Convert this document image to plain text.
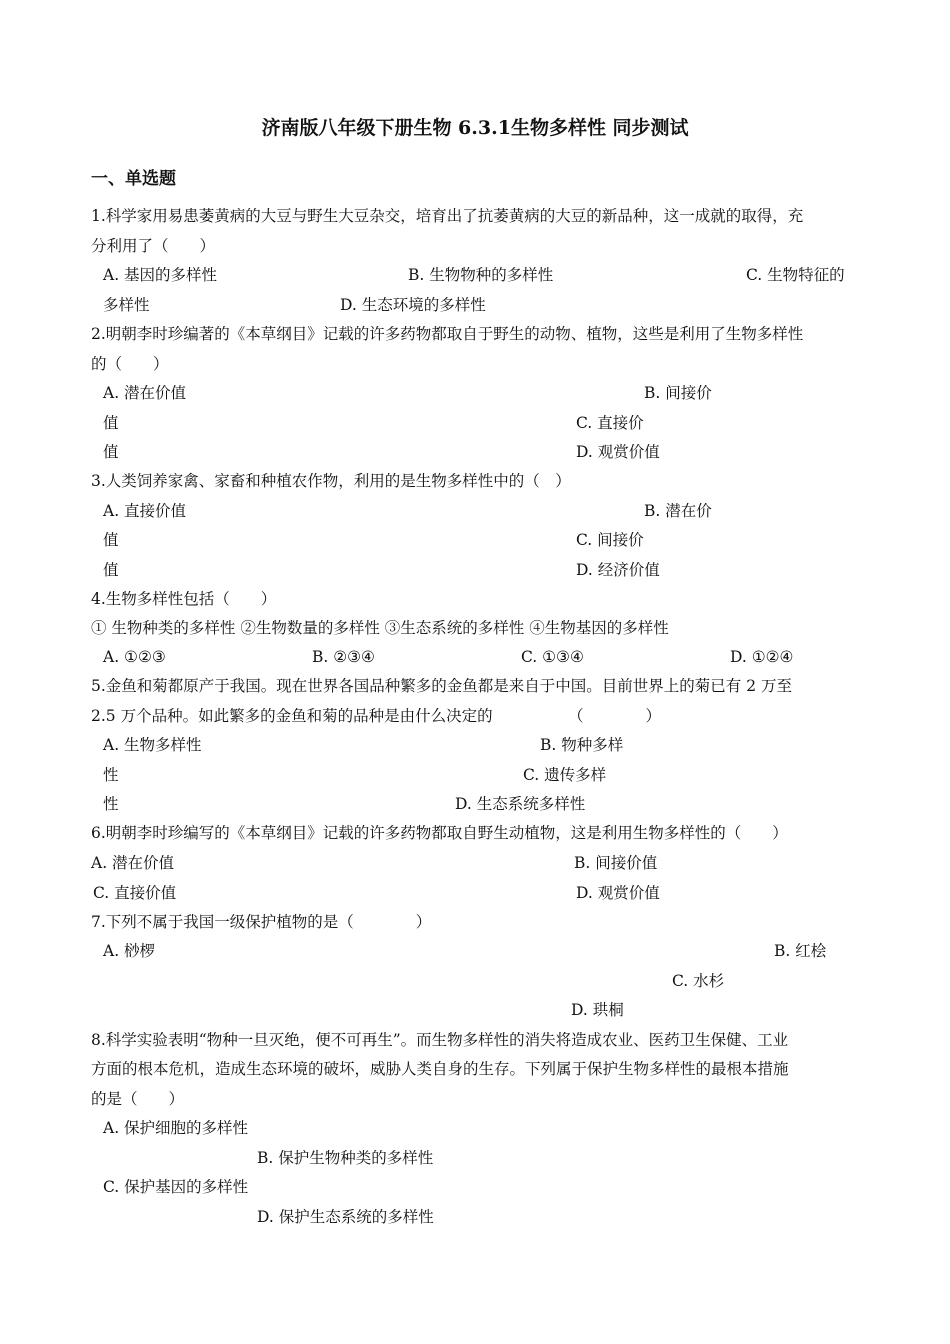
济南版八年级下册生物 6.3.1生物多样性 同步测试
一、单选题
1.科学家用易患萎黄病的大豆与野生大豆杂交，培育出了抗萎黄病的大豆的新品种，这一成就的取得，充
分利用了（　　）
A. 基因的多样性	B. 生物物种的多样性	C. 生物特征的
多样性	D. 生态环境的多样性
2.明朝李时珍编著的《本草纲目》记载的许多药物都取自于野生的动物、植物，这些是利用了生物多样性
的（　　）
A. 潜在价值	B. 间接价
值	C. 直接价
值	D. 观赏价值
3.人类饲养家禽、家畜和种植农作物，利用的是生物多样性中的（　）
A. 直接价值	B. 潜在价
值	C. 间接价
值	D. 经济价值
4.生物多样性包括（　　）
① 生物种类的多样性 ②生物数量的多样性 ③生态系统的多样性 ④生物基因的多样性
A. ①②③	B. ②③④	C. ①③④	D. ①②④
5.金鱼和菊都原产于我国。现在世界各国品种繁多的金鱼都是来自于中国。目前世界上的菊已有 2 万至
2.5 万个品种。如此繁多的金鱼和菊的品种是由什么决定的	（　　　　）
A. 生物多样性	B. 物种多样
性	C. 遗传多样
性	D. 生态系统多样性
6.明朝李时珍编写的《本草纲目》记载的许多药物都取自野生动植物，这是利用生物多样性的（　　）
A. 潜在价值	B. 间接价值
C. 直接价值	D. 观赏价值
7.下列不属于我国一级保护植物的是（　　　　）
A. 桫椤	B. 红桧
C. 水杉
D. 珙桐
8.科学实验表明“物种一旦灭绝，便不可再生”。而生物多样性的消失将造成农业、医药卫生保健、工业
方面的根本危机，造成生态环境的破坏，威胁人类自身的生存。下列属于保护生物多样性的最根本措施
的是（　　）
A. 保护细胞的多样性
B. 保护生物种类的多样性
C. 保护基因的多样性
D. 保护生态系统的多样性
